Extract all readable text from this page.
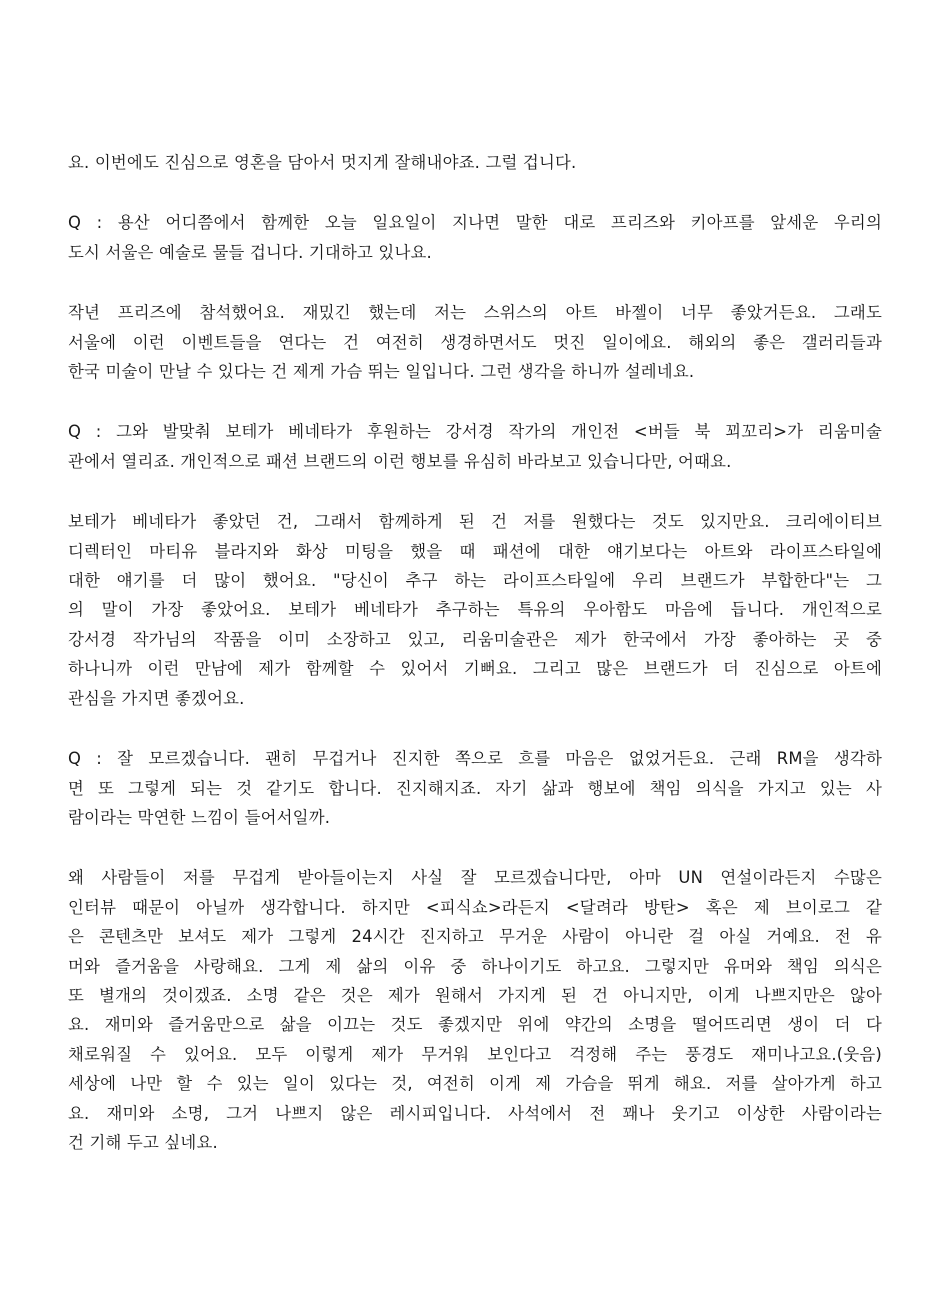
요. 이번에도 진심으로 영혼을 담아서 멋지게 잘해내야죠. 그럴 겁니다.

Q : 용산 어디쯤에서 함께한 오늘 일요일이 지나면 말한 대로 프리즈와 키아프를 앞세운 우리의
도시 서울은 예술로 물들 겁니다. 기대하고 있나요.

작년 프리즈에 참석했어요. 재밌긴 했는데 저는 스위스의 아트 바젤이 너무 좋았거든요. 그래도
서울에 이런 이벤트들을 연다는 건 여전히 생경하면서도 멋진 일이에요. 해외의 좋은 갤러리들과
한국 미술이 만날 수 있다는 건 제게 가슴 뛰는 일입니다. 그런 생각을 하니까 설레네요.

Q : 그와 발맞춰 보테가 베네타가 후원하는 강서경 작가의 개인전 <버들 북 꾀꼬리>가 리움미술
관에서 열리죠. 개인적으로 패션 브랜드의 이런 행보를 유심히 바라보고 있습니다만, 어때요.

보테가 베네타가 좋았던 건, 그래서 함께하게 된 건 저를 원했다는 것도 있지만요. 크리에이티브
디렉터인 마티유 블라지와 화상 미팅을 했을 때 패션에 대한 얘기보다는 아트와 라이프스타일에
대한 얘기를 더 많이 했어요. "당신이 추구 하는 라이프스타일에 우리 브랜드가 부합한다"는 그
의 말이 가장 좋았어요. 보테가 베네타가 추구하는 특유의 우아함도 마음에 듭니다. 개인적으로
강서경 작가님의 작품을 이미 소장하고 있고, 리움미술관은 제가 한국에서 가장 좋아하는 곳 중
하나니까 이런 만남에 제가 함께할 수 있어서 기뻐요. 그리고 많은 브랜드가 더 진심으로 아트에
관심을 가지면 좋겠어요.

Q : 잘 모르겠습니다. 괜히 무겁거나 진지한 쪽으로 흐를 마음은 없었거든요. 근래 RM을 생각하
면 또 그렇게 되는 것 같기도 합니다. 진지해지죠. 자기 삶과 행보에 책임 의식을 가지고 있는 사
람이라는 막연한 느낌이 들어서일까.

왜 사람들이 저를 무겁게 받아들이는지 사실 잘 모르겠습니다만, 아마 UN 연설이라든지 수많은
인터뷰 때문이 아닐까 생각합니다. 하지만 <피식쇼>라든지 <달려라 방탄> 혹은 제 브이로그 같
은 콘텐츠만 보셔도 제가 그렇게 24시간 진지하고 무거운 사람이 아니란 걸 아실 거예요. 전 유
머와 즐거움을 사랑해요. 그게 제 삶의 이유 중 하나이기도 하고요. 그렇지만 유머와 책임 의식은
또 별개의 것이겠죠. 소명 같은 것은 제가 원해서 가지게 된 건 아니지만, 이게 나쁘지만은 않아
요. 재미와 즐거움만으로 삶을 이끄는 것도 좋겠지만 위에 약간의 소명을 떨어뜨리면 생이 더 다
채로워질 수 있어요. 모두 이렇게 제가 무거워 보인다고 걱정해 주는 풍경도 재미나고요.(웃음)
세상에 나만 할 수 있는 일이 있다는 것, 여전히 이게 제 가슴을 뛰게 해요. 저를 살아가게 하고
요. 재미와 소명, 그거 나쁘지 않은 레시피입니다. 사석에서 전 꽤나 웃기고 이상한 사람이라는
건 기해 두고 싶네요.
